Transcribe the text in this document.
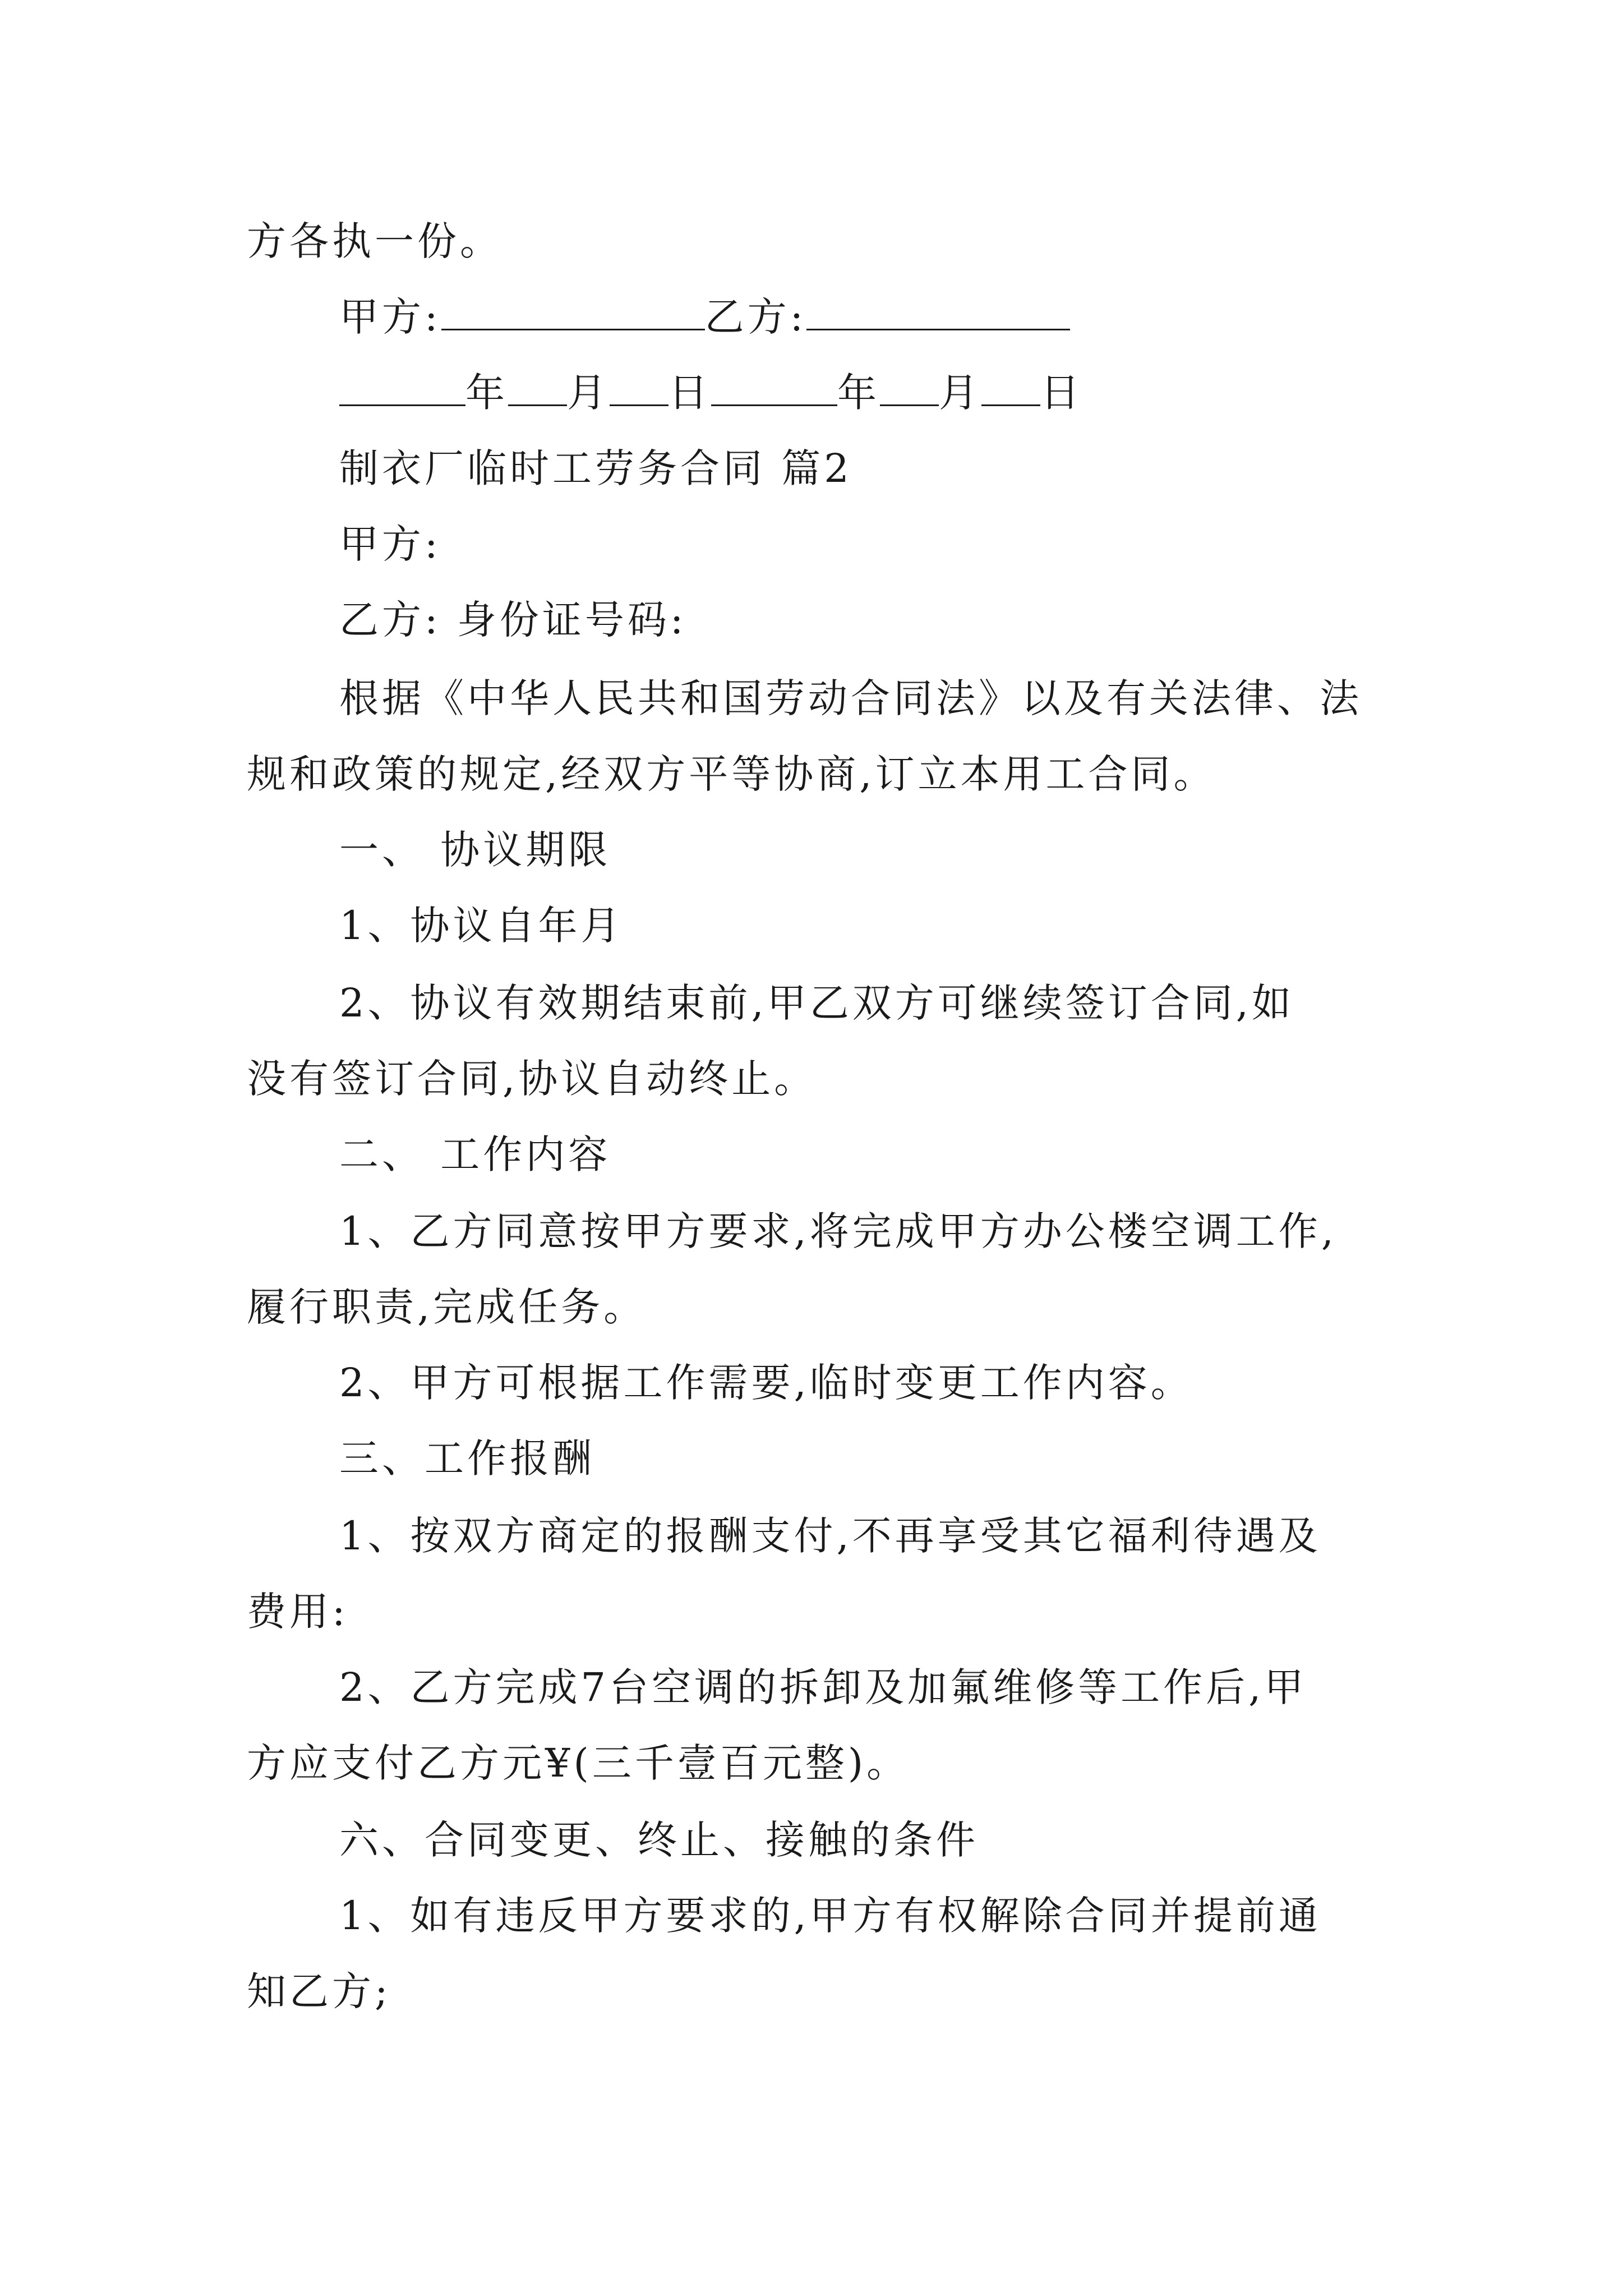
方各执一份。
甲方:	乙方:
年 月 日	年 月 日
制衣厂临时工劳务合同 篇2
甲方:
乙方: 身份证号码:
根据《中华人民共和国劳动合同法》以及有关法律、法
规和政策的规定,经双方平等协商,订立本用工合同。
一、 协议期限
1、协议自年月
2、协议有效期结束前,甲乙双方可继续签订合同,如
没有签订合同,协议自动终止。
二、 工作内容
1、乙方同意按甲方要求,将完成甲方办公楼空调工作,
履行职责,完成任务。
2、甲方可根据工作需要,临时变更工作内容。
三、工作报酬
1、按双方商定的报酬支付,不再享受其它福利待遇及
费用:
2、乙方完成7台空调的拆卸及加氟维修等工作后,甲
方应支付乙方元¥(三千壹百元整)。
六、合同变更、终止、接触的条件
1、如有违反甲方要求的,甲方有权解除合同并提前通
知乙方;
